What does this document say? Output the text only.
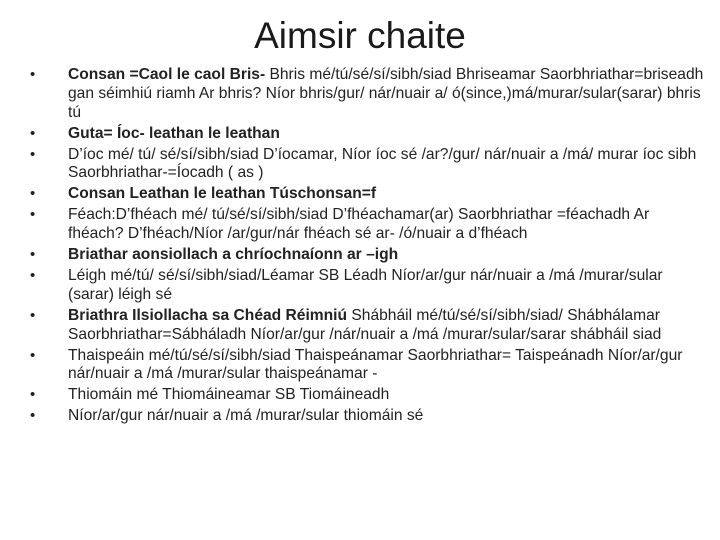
Aimsir chaite
• Consan =Caol le caol Bris- Bhris mé/tú/sé/sí/sibh/siad Bhriseamar Saorbhriathar=briseadh gan séimhiú riamh Ar bhris? Níor bhris/gur/ nár/nuair a/ ó(since,)má/murar/sular(sarar) bhris tú
• Guta= Íoc- leathan le leathan
• D’íoc mé/ tú/ sé/sí/sibh/siad D’íocamar, Níor íoc sé /ar?/gur/ nár/nuair a /má/ murar íoc sibh Saorbhriathar-=Íocadh ( as )
• Consan Leathan le leathan Túschonsan=f
• Féach:D’fhéach mé/ tú/sé/sí/sibh/siad D’fhéachamar(ar) Saorbhriathar =féachadh Ar fhéach? D’fhéach/Níor /ar/gur/nár fhéach sé ar- /ó/nuair a d’fhéach
• Briathar aonsiollach a chríochnaíonn ar –igh
• Léigh mé/tú/ sé/sí/sibh/siad/Léamar SB Léadh Níor/ar/gur nár/nuair a /má /murar/sular (sarar) léigh sé
• Briathra Ilsiollacha sa Chéad Réimniú Shábháil mé/tú/sé/sí/sibh/siad/ Shábhálamar Saorbhriathar=Sábháladh Níor/ar/gur /nár/nuair a /má /murar/sular/sarar shábháil siad
• Thaispeáin mé/tú/sé/sí/sibh/siad Thaispeánamar Saorbhriathar= Taispeánadh Níor/ar/gur nár/nuair a /má /murar/sular thaispeánamar -
• Thiomáin mé Thiomáineamar SB Tiomáineadh
• Níor/ar/gur nár/nuair a /má /murar/sular thiomáin sé
